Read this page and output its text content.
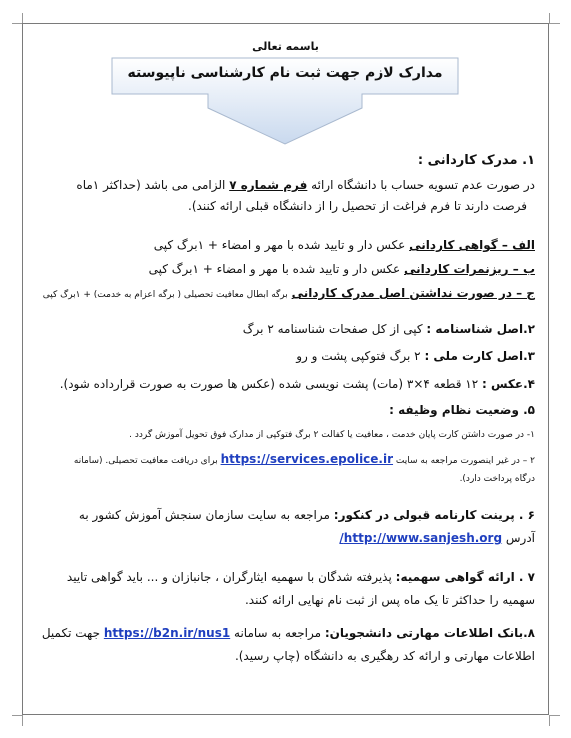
باسمه تعالی
مدارک لازم جهت ثبت نام کارشناسی ناپیوسته
۱. مدرک کاردانی :
در صورت عدم تسویه حساب با دانشگاه ارائه فرم شماره ۷ الزامی می باشد (حداکثر ۱ماه
فرصت دارند تا فرم فراغت از تحصیل را از دانشگاه قبلی ارائه کنند).
الف – گواهی کاردانی عکس دار و تایید شده با مهر و امضاء + ۱برگ کپی
ب – ریزنمرات کاردانی عکس دار و تایید شده با مهر و امضاء + ۱برگ کپی
ج – در صورت نداشتن اصل مدرک کاردانی برگه ابطال معافیت تحصیلی ( برگه اعزام به خدمت) + ۱برگ کپی
۲.اصل شناسنامه : کپی از کل صفحات شناسنامه ۲ برگ
۳.اصل کارت ملی : ۲ برگ فتوکپی پشت و رو
۴.عکس : ۱۲ قطعه ۴×۳ (مات) پشت نویسی شده (عکس ها صورت به صورت قرارداده شود).
۵. وضعیت نظام وظیفه :
۱- در صورت داشتن کارت پایان خدمت ، معافیت یا کفالت ۲ برگ فتوکپی از مدارک فوق تحویل آموزش گردد .
۲ – در غیر اینصورت مراجعه به سایت https://services.epolice.ir برای دریافت معافیت تحصیلی. (سامانه
درگاه پرداخت دارد).
۶ . پرینت کارنامه قبولی در کنکور: مراجعه به سایت سازمان سنجش آموزش کشور به
آدرس http://www.sanjesh.org/
۷ . ارائه گواهی سهمیه: پذیرفته شدگان با سهمیه ایثارگران ، جانبازان و ... باید گواهی تایید
سهمیه را حداکثر تا یک ماه پس از ثبت نام نهایی ارائه کنند.
۸.بانک اطلاعات مهارتی دانشجویان: مراجعه به سامانه https://b2n.ir/nus1 جهت تکمیل
اطلاعات مهارتی و ارائه کد رهگیری به دانشگاه (چاپ رسید).
